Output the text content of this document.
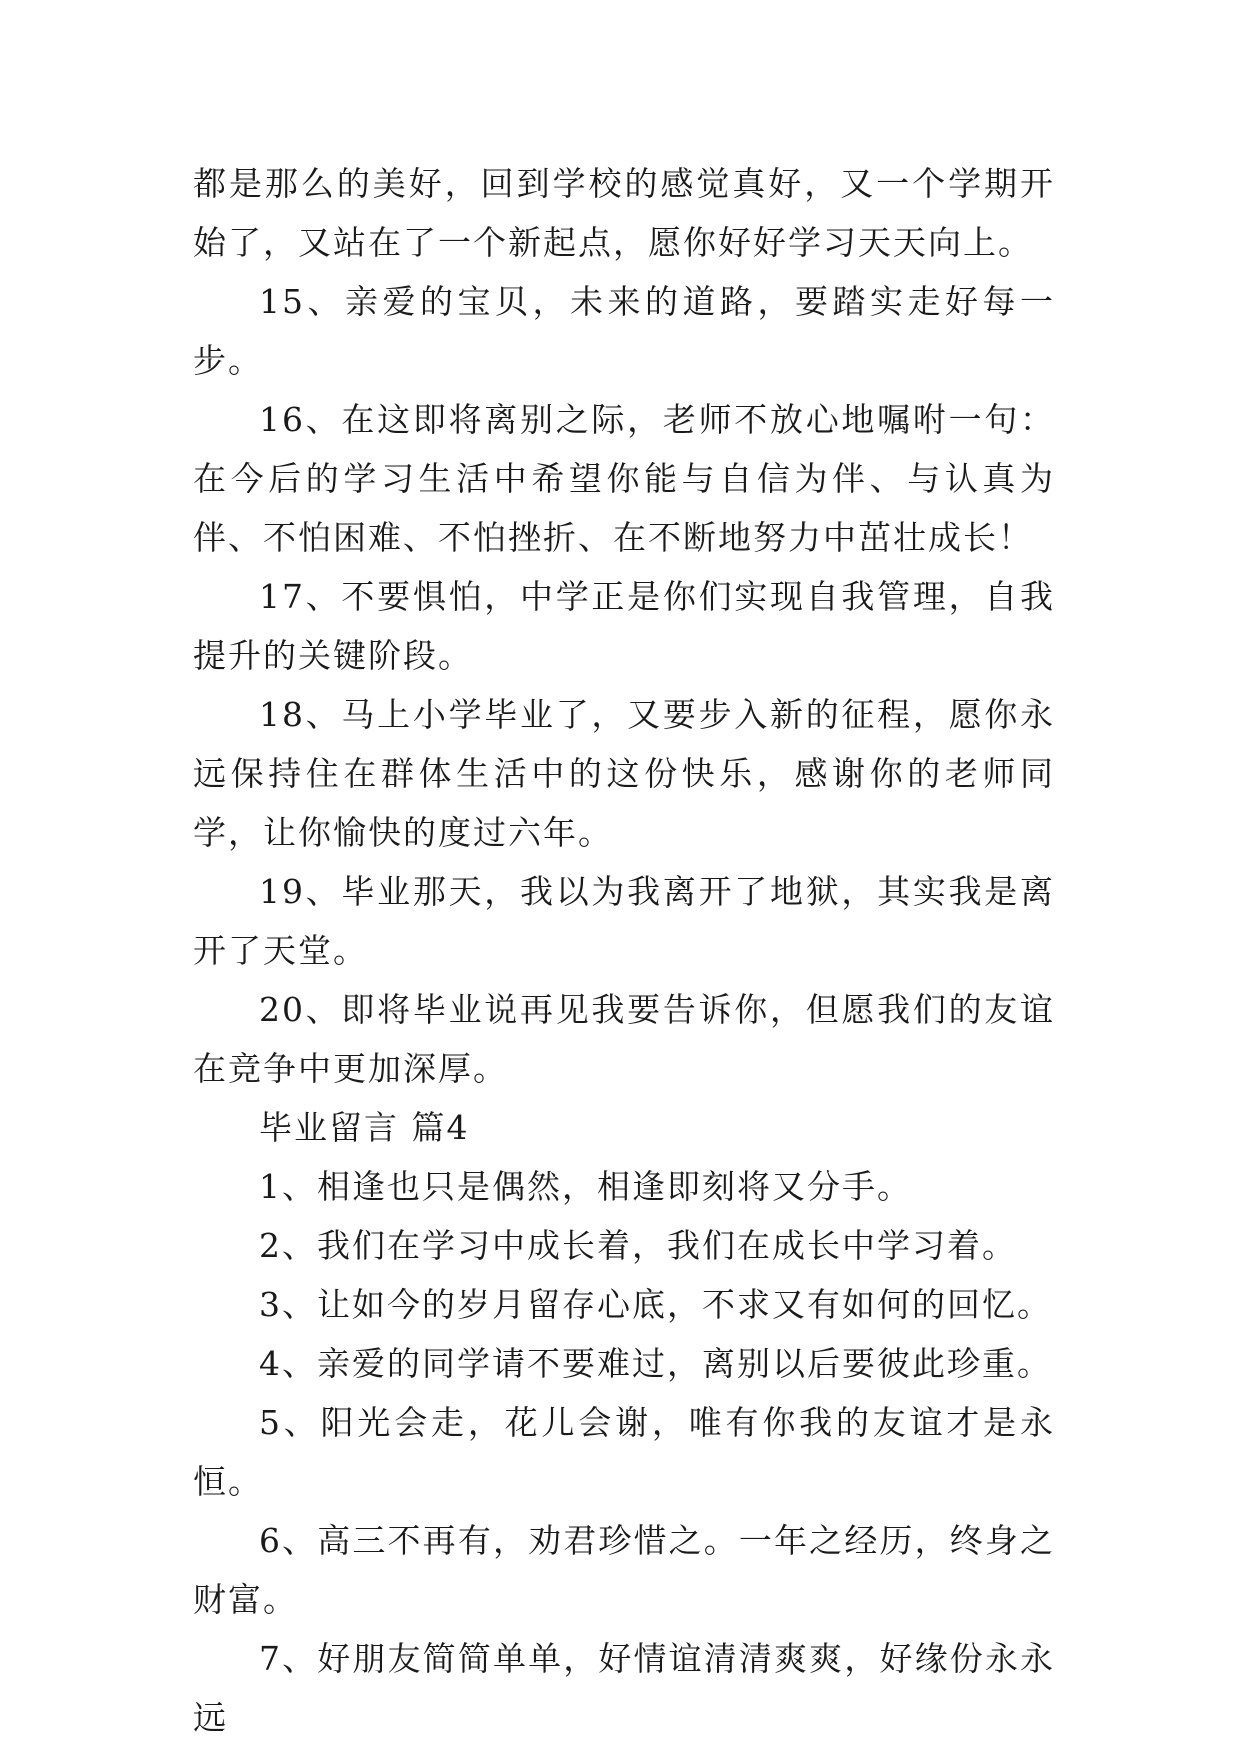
都是那么的美好，回到学校的感觉真好，又一个学期开始了，又站在了一个新起点，愿你好好学习天天向上。

15、亲爱的宝贝，未来的道路，要踏实走好每一步。

16、在这即将离别之际，老师不放心地嘱咐一句：在今后的学习生活中希望你能与自信为伴、与认真为伴、不怕困难、不怕挫折、在不断地努力中茁壮成长！

17、不要惧怕，中学正是你们实现自我管理，自我提升的关键阶段。

18、马上小学毕业了，又要步入新的征程，愿你永远保持住在群体生活中的这份快乐，感谢你的老师同学，让你愉快的度过六年。

19、毕业那天，我以为我离开了地狱，其实我是离开了天堂。

20、即将毕业说再见我要告诉你，但愿我们的友谊在竞争中更加深厚。

毕业留言 篇4

1、相逢也只是偶然，相逢即刻将又分手。

2、我们在学习中成长着，我们在成长中学习着。

3、让如今的岁月留存心底，不求又有如何的回忆。

4、亲爱的同学请不要难过，离别以后要彼此珍重。

5、阳光会走，花儿会谢，唯有你我的友谊才是永恒。

6、高三不再有，劝君珍惜之。一年之经历，终身之财富。

7、好朋友简简单单，好情谊清清爽爽，好缘份永永远
